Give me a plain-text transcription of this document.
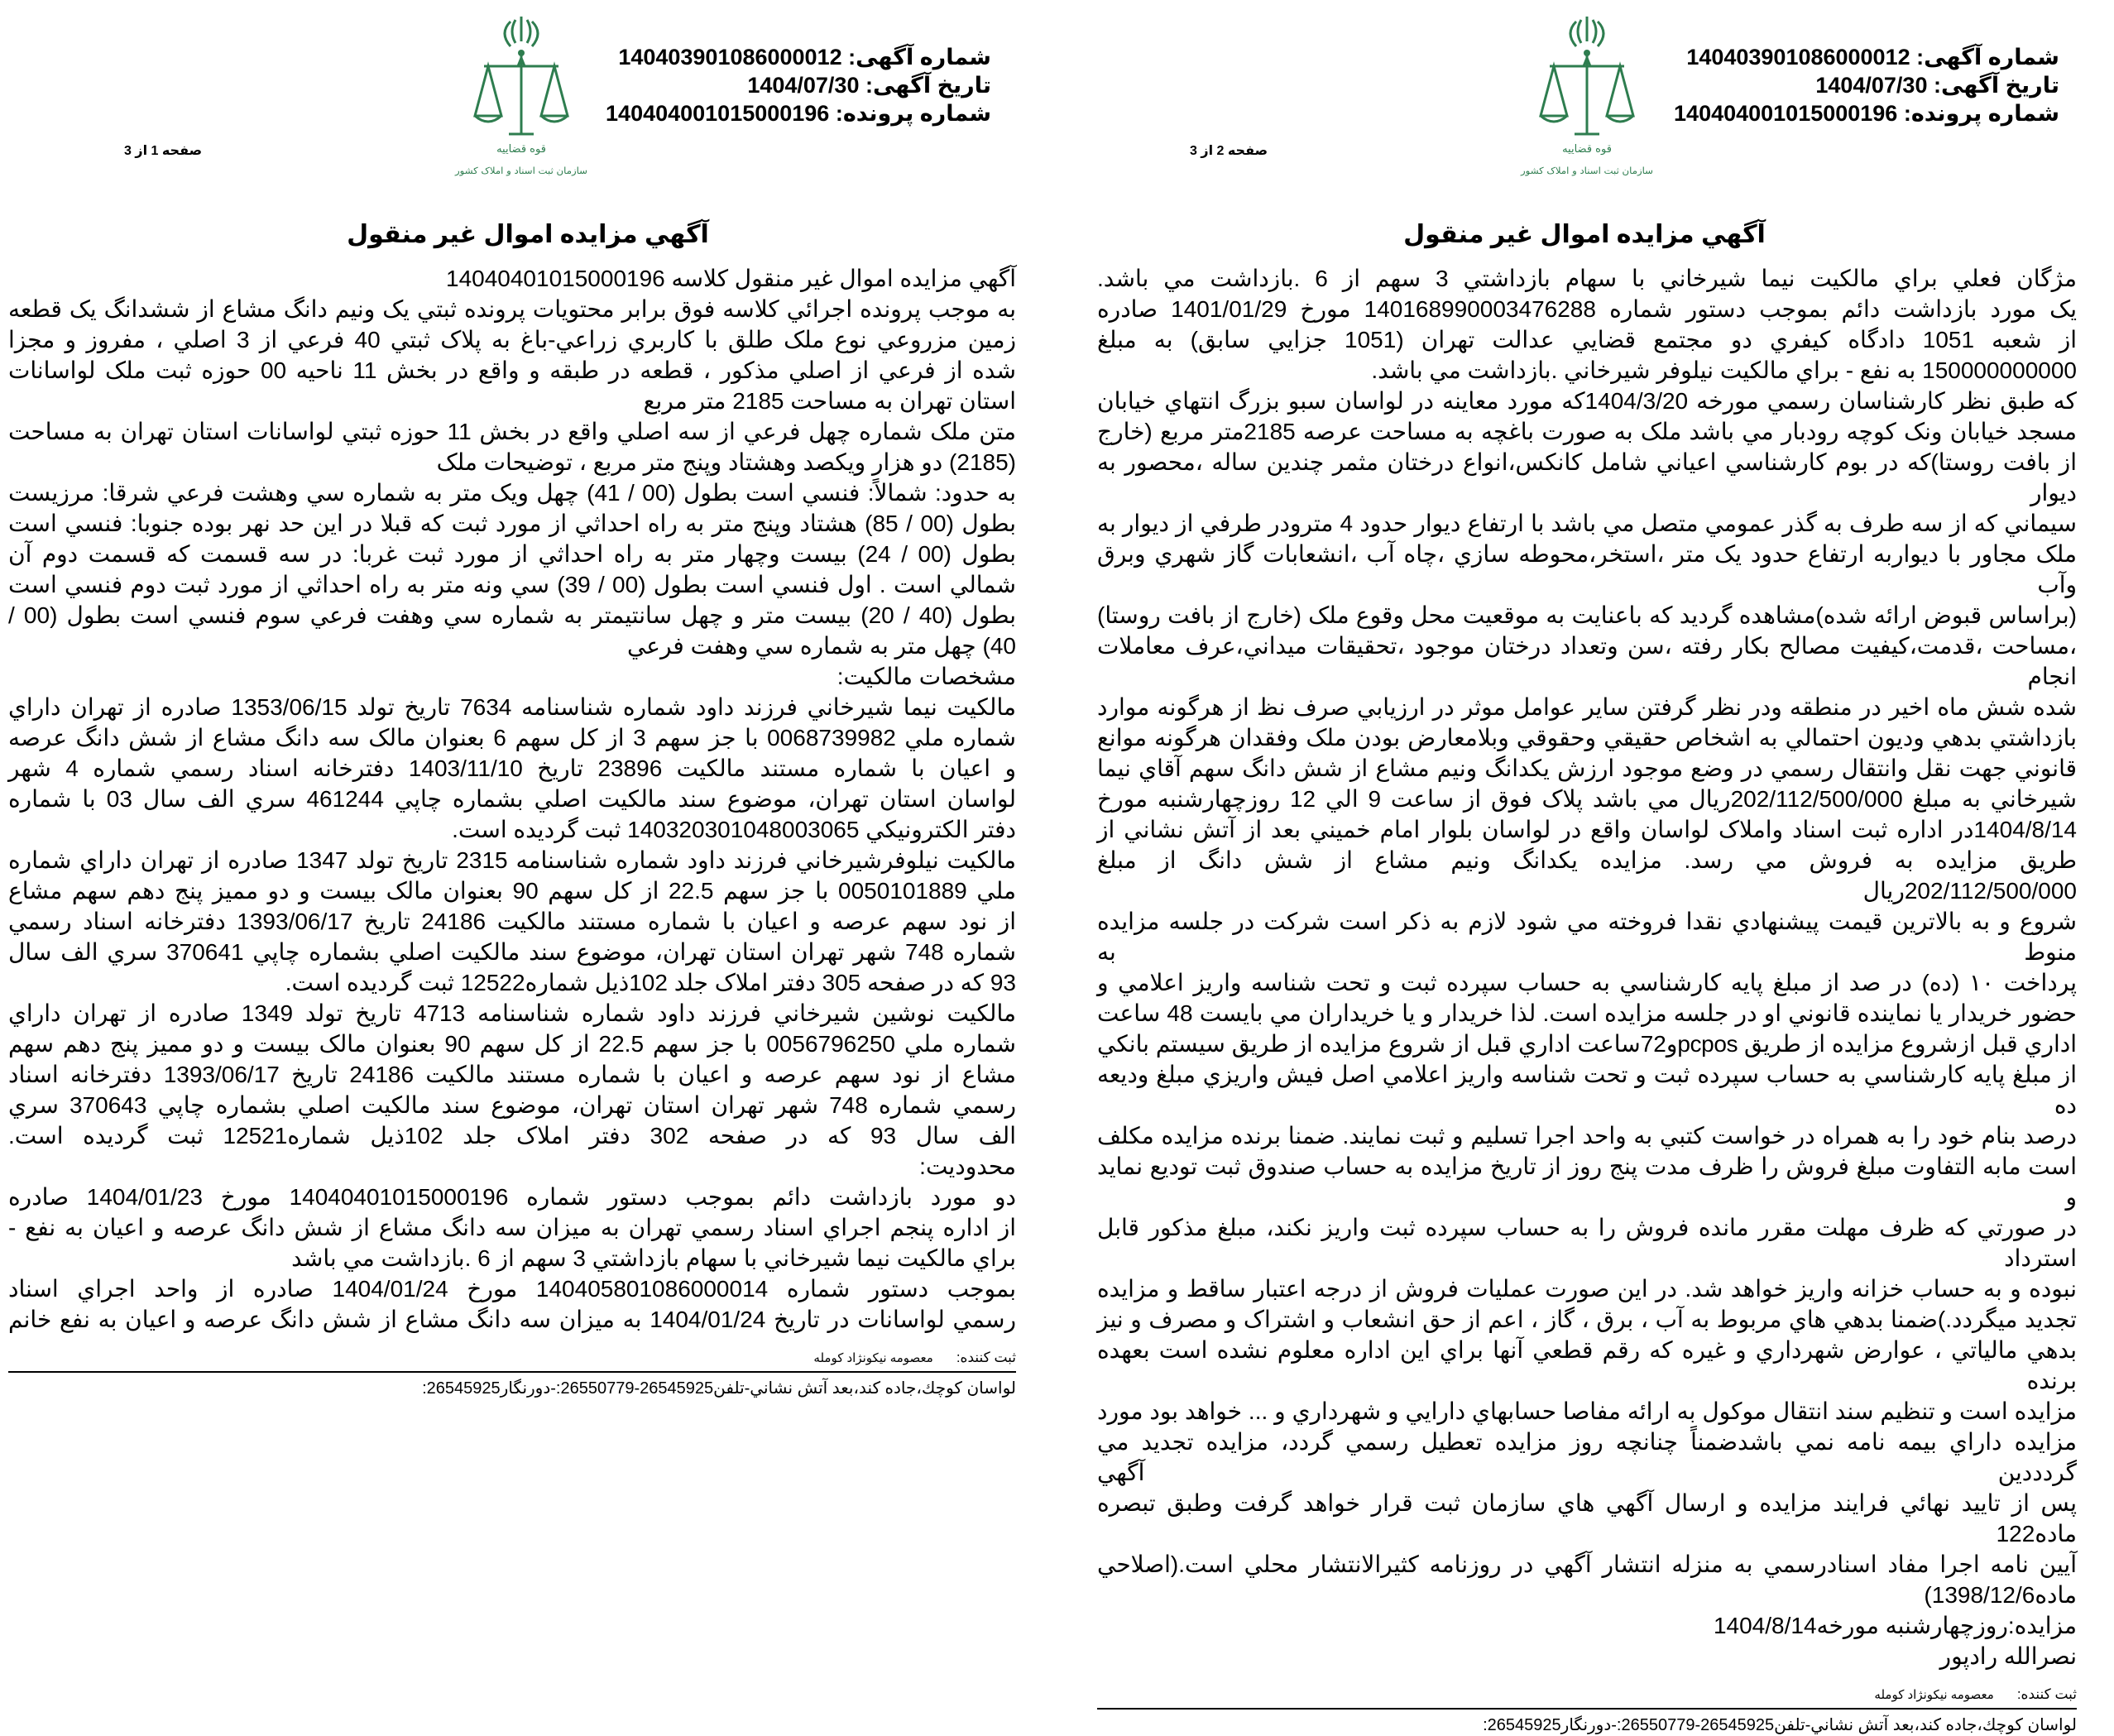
شماره آگهی: 140403901086000012
تاریخ آگهی: 1404/07/30
شماره پرونده: 140404001015000196
قوه قضاییه
سازمان ثبت اسناد و املاک کشور
صفحه 2 از 3
آگهي مزايده اموال غير منقول
مژگان فعلي براي مالكيت نيما شيرخاني با سهام بازداشتي 3 سهم از 6 .بازداشت مي باشد.
يک مورد بازداشت دائم بموجب دستور شماره 140168990003476288 مورخ 1401/01/29 صادره
از شعبه 1051 دادگاه كيفري دو مجتمع قضايي عدالت تهران (1051 جزايي سابق) به مبلغ
150000000000 به نفع - براي مالكيت نيلوفر شيرخاني .بازداشت مي باشد.
كه طبق نظر كارشناسان رسمي مورخه 1404/3/20كه مورد معاينه در لواسان سبو بزرگ انتهاي خيابان
مسجد خيابان ونک كوچه رودبار مي باشد ملک به صورت باغچه به مساحت عرصه 2185متر مربع (خارج
از بافت روستا)كه در بوم كارشناسي اعياني شامل كانكس،انواع درختان مثمر چندين ساله ،محصور به ديوار
سيماني كه از سه طرف به گذر عمومي متصل مي باشد با ارتفاع ديوار حدود 4 مترودر طرفي از ديوار به
ملک مجاور با ديواربه ارتفاع حدود يک متر ،استخر،محوطه سازي ،چاه آب ،انشعابات گاز شهري وبرق وآب
(براساس قبوض ارائه شده)مشاهده گرديد كه باعنايت به موقعيت محل وقوع ملک (خارج از بافت روستا)
،مساحت ،قدمت،كيفيت مصالح بكار رفته ،سن وتعداد درختان موجود ،تحقيقات ميداني،عرف معاملات انجام
شده شش ماه اخير در منطقه ودر نظر گرفتن ساير عوامل موثر در ارزيابي صرف نظ از هرگونه موارد
بازداشتي بدهي وديون احتمالي به اشخاص حقيقي وحقوقي وبلامعارض بودن ملک وفقدان هرگونه موانع
قانوني جهت نقل وانتقال رسمي در وضع موجود ارزش يكدانگ ونيم مشاع از شش دانگ سهم آقاي نيما
شيرخاني به مبلغ 202/112/500/000ريال مي باشد پلاک فوق از ساعت 9 الي 12 روزچهارشنبه مورخ
1404/8/14در اداره ثبت اسناد واملاک لواسان واقع در لواسان بلوار امام خميني بعد از آتش نشاني از
طريق مزايده به فروش مي رسد. مزايده يكدانگ ونيم مشاع از شش دانگ از مبلغ 202/112/500/000ريال
شروع و به بالاترين قيمت پيشنهادي نقدا فروخته مي شود لازم به ذكر است شركت در جلسه مزايده منوط به
پرداخت ۱۰ (ده) در صد از مبلغ پايه كارشناسي به حساب سپرده ثبت و تحت شناسه واريز اعلامي و
حضور خريدار يا نماينده قانوني او در جلسه مزايده است. لذا خريدار و يا خريداران مي بايست 48 ساعت
اداري قبل ازشروع مزايده از طريق pcposو72ساعت اداري قبل از شروع مزايده از طريق سيستم بانكي
از مبلغ پايه كارشناسي به حساب سپرده ثبت و تحت شناسه واريز اعلامي اصل فيش واريزي مبلغ وديعه ده
درصد بنام خود را به همراه در خواست كتبي به واحد اجرا تسليم و ثبت نمايند. ضمنا برنده مزايده مكلف
است مابه التفاوت مبلغ فروش را ظرف مدت پنج روز از تاريخ مزايده به حساب صندوق ثبت توديع نمايد و
در صورتي كه ظرف مهلت مقرر مانده فروش را به حساب سپرده ثبت واريز نكند، مبلغ مذكور قابل استرداد
نبوده و به حساب خزانه واريز خواهد شد. در اين صورت عمليات فروش از درجه اعتبار ساقط و مزايده
تجديد ميگردد.)ضمنا بدهي هاي مربوط به آب ، برق ، گاز ، اعم از حق انشعاب و اشتراک و مصرف و نيز
بدهي مالياتي ، عوارض شهرداري و غيره كه رقم قطعي آنها براي اين اداره معلوم نشده است بعهده برنده
مزايده است و تنظيم سند انتقال موكول به ارائه مفاصا حسابهاي دارايي و شهرداري و ... خواهد بود مورد
مزايده داراي بيمه نامه نمي باشدضمناً چنانچه روز مزايده تعطيل رسمي گردد، مزايده تجديد مي گردددين آگهي
پس از تاييد نهائي فرايند مزايده و ارسال آگهي هاي سازمان ثبت قرار خواهد گرفت وطبق تبصره ماده122
آيين نامه اجرا مفاد اسنادرسمي به منزله انتشار آگهي در روزنامه كثيرالانتشار محلي است.(اصلاحي
ماده1398/12/6)
مزايده:روزچهارشنبه مورخه1404/8/14
نصرالله رادپور
ثبت كننده:معصومه نيكونژاد كومله
لواسان كوچك،جاده كند،بعد آتش نشاني-تلفن26545925-26550779:-دورنگار26545925:
شماره آگهی: 140403901086000012
تاریخ آگهی: 1404/07/30
شماره پرونده: 140404001015000196
قوه قضاییه
سازمان ثبت اسناد و املاک کشور
صفحه 1 از 3
آگهي مزايده اموال غير منقول
آگهي مزايده اموال غير منقول كلاسه 14040401015000196
به موجب پرونده اجرائي كلاسه فوق برابر محتويات پرونده ثبتي يک ونيم دانگ مشاع از ششدانگ يک قطعه
زمين مزروعي نوع ملک طلق با كاربري زراعي-باغ به پلاک ثبتي 40 فرعي از 3 اصلي ، مفروز و مجزا
شده از فرعي از اصلي مذكور ، قطعه در طبقه و واقع در بخش 11 ناحيه 00 حوزه ثبت ملک لواسانات
استان تهران به مساحت 2185 متر مربع
متن ملک شماره چهل فرعي از سه اصلي واقع در بخش 11 حوزه ثبتي لواسانات استان تهران به مساحت
(2185) دو هزار ويكصد وهشتاد وپنج متر مربع ، توضيحات ملک
به حدود: شمالاً: فنسي است بطول (00 / 41) چهل ويک متر به شماره سي وهشت فرعي شرقا: مرزيست
بطول (00 / 85) هشتاد وپنج متر به راه احداثي از مورد ثبت كه قبلا در اين حد نهر بوده جنوبا: فنسي است
بطول (00 / 24) بيست وچهار متر به راه احداثي از مورد ثبت غربا: در سه قسمت كه قسمت دوم آن
شمالي است . اول فنسي است بطول (00 / 39) سي ونه متر به راه احداثي از مورد ثبت دوم فنسي است
بطول (40 / 20) بيست متر و چهل سانتيمتر به شماره سي وهفت فرعي سوم فنسي است بطول (00 /
40) چهل متر به شماره سي وهفت فرعي
مشخصات مالكيت:
مالكيت نيما شيرخاني فرزند داود شماره شناسنامه 7634 تاريخ تولد 1353/06/15 صادره از تهران داراي
شماره ملي 0068739982 با جز سهم 3 از كل سهم 6 بعنوان مالک سه دانگ مشاع از شش دانگ عرصه
و اعيان با شماره مستند مالكيت 23896 تاريخ 1403/11/10 دفترخانه اسناد رسمي شماره 4 شهر
لواسان استان تهران، موضوع سند مالكيت اصلي بشماره چاپي 461244 سري الف سال 03 با شماره
دفتر الكترونيكي 140320301048003065 ثبت گرديده است.
مالكيت نيلوفرشيرخاني فرزند داود شماره شناسنامه 2315 تاريخ تولد 1347 صادره از تهران داراي شماره
ملي 0050101889 با جز سهم 22.5 از كل سهم 90 بعنوان مالک بيست و دو مميز پنج دهم سهم مشاع
از نود سهم عرصه و اعيان با شماره مستند مالكيت 24186 تاريخ 1393/06/17 دفترخانه اسناد رسمي
شماره 748 شهر تهران استان تهران، موضوع سند مالكيت اصلي بشماره چاپي 370641 سري الف سال
93 كه در صفحه 305 دفتر املاک جلد 102ذيل شماره12522 ثبت گرديده است.
مالكيت نوشين شيرخاني فرزند داود شماره شناسنامه 4713 تاريخ تولد 1349 صادره از تهران داراي
شماره ملي 0056796250 با جز سهم 22.5 از كل سهم 90 بعنوان مالک بيست و دو مميز پنج دهم سهم
مشاع از نود سهم عرصه و اعيان با شماره مستند مالكيت 24186 تاريخ 1393/06/17 دفترخانه اسناد
رسمي شماره 748 شهر تهران استان تهران، موضوع سند مالكيت اصلي بشماره چاپي 370643 سري
الف سال 93 كه در صفحه 302 دفتر املاک جلد 102ذيل شماره12521 ثبت گرديده است.
محدوديت:
دو مورد بازداشت دائم بموجب دستور شماره 14040401015000196 مورخ 1404/01/23 صادره
از اداره پنجم اجراي اسناد رسمي تهران به ميزان سه دانگ مشاع از شش دانگ عرصه و اعيان به نفع -
براي مالكيت نيما شيرخاني با سهام بازداشتي 3 سهم از 6 .بازداشت مي باشد
بموجب دستور شماره 140405801086000014 مورخ 1404/01/24 صادره از واحد اجراي اسناد
رسمي لواسانات در تاريخ 1404/01/24 به ميزان سه دانگ مشاع از شش دانگ عرصه و اعيان به نفع خانم
ثبت كننده:معصومه نيكونژاد كومله
لواسان كوچك،جاده كند،بعد آتش نشاني-تلفن26545925-26550779:-دورنگار26545925:
